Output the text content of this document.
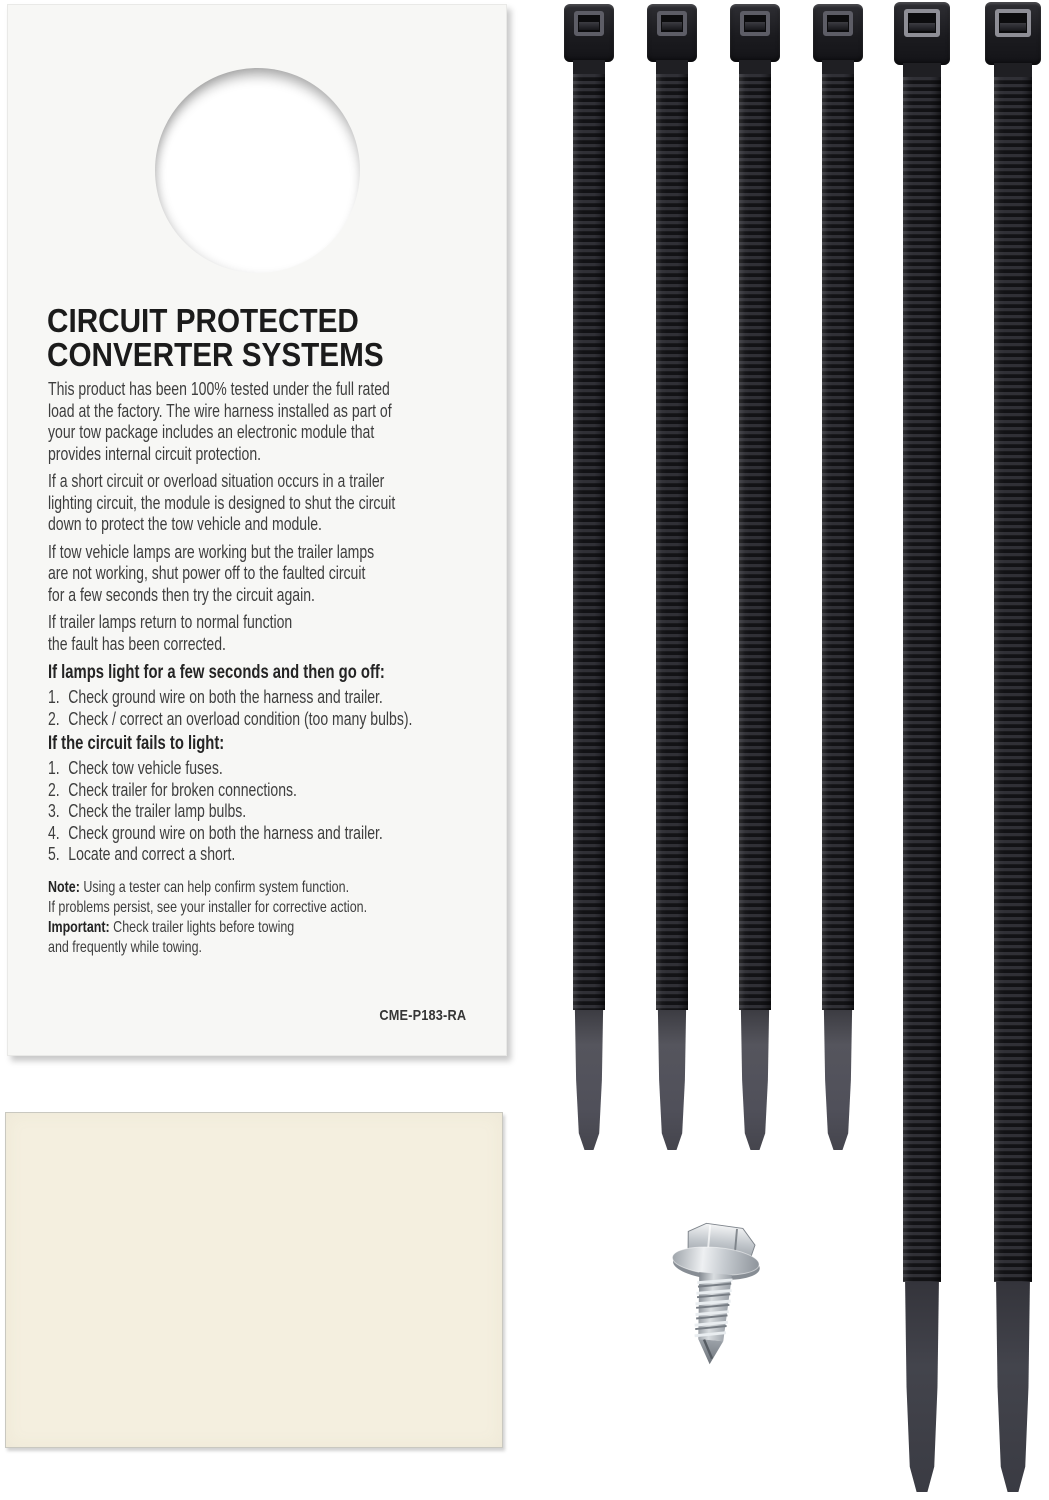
CIRCUIT PROTECTED
CONVERTER SYSTEMS

This product has been 100% tested under the full rated
load at the factory. The wire harness installed as part of
your tow package includes an electronic module that
provides internal circuit protection.

If a short circuit or overload situation occurs in a trailer
lighting circuit, the module is designed to shut the circuit
down to protect the tow vehicle and module.

If tow vehicle lamps are working but the trailer lamps
are not working, shut power off to the faulted circuit
for a few seconds then try the circuit again.

If trailer lamps return to normal function
the fault has been corrected.

If lamps light for a few seconds and then go off:

1. Check ground wire on both the harness and trailer.
2. Check / correct an overload condition (too many bulbs).

If the circuit fails to light:

1. Check tow vehicle fuses.
2. Check trailer for broken connections.
3. Check the trailer lamp bulbs.
4. Check ground wire on both the harness and trailer.
5. Locate and correct a short.

Note: Using a tester can help confirm system function.
If problems persist, see your installer for corrective action.

Important: Check trailer lights before towing
and frequently while towing.

CME-P183-RA
